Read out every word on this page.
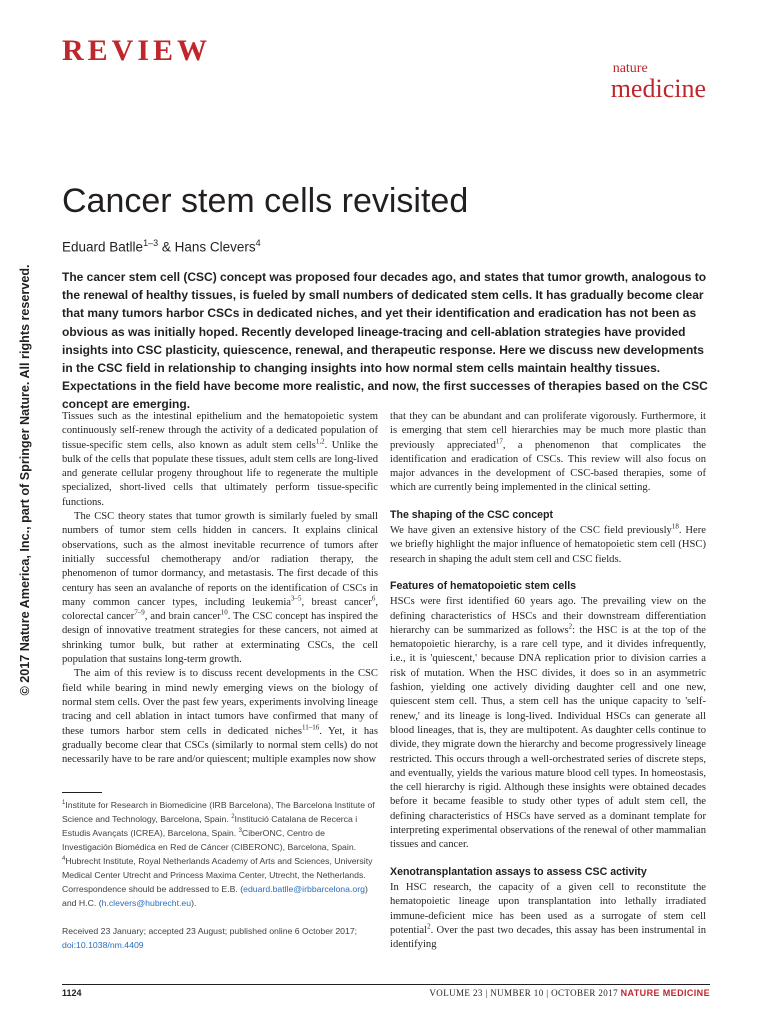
REVIEW
nature
medicine
© 2017 Nature America, Inc., part of Springer Nature. All rights reserved.
Cancer stem cells revisited
Eduard Batlle$^{1-3}$ & Hans Clevers$^4$

The cancer stem cell (CSC) concept was proposed four decades ago, and states that tumor growth, analogous to the renewal of healthy tissues, is fueled by small numbers of dedicated stem cells. It has gradually become clear that many tumors harbor CSCs in dedicated niches, and yet their identification and eradication has not been as obvious as was initially hoped. Recently developed lineage-tracing and cell-ablation strategies have provided insights into CSC plasticity, quiescence, renewal, and therapeutic response. Here we discuss new developments in the CSC field in relationship to changing insights into how normal stem cells maintain healthy tissues. Expectations in the field have become more realistic, and now, the first successes of therapies based on the CSC concept are emerging.

Tissues such as the intestinal epithelium and the hematopoietic system continuously self-renew through the activity of a dedicated population of tissue-specific stem cells, also known as adult stem cells$^{1,2}$. Unlike the bulk of the cells that populate these tissues, adult stem cells are long-lived and generate cellular progeny throughout life to regenerate the multiple specialized, short-lived cells that ultimately perform tissue-specific functions.

The CSC theory states that tumor growth is similarly fueled by small numbers of tumor stem cells hidden in cancers. It explains clinical observations, such as the almost inevitable recurrence of tumors after initially successful chemotherapy and/or radiation therapy, the phenomenon of tumor dormancy, and metastasis. The first decade of this century has seen an avalanche of reports on the identification of CSCs in many common cancer types, including leukemia$^{3-5}$, breast cancer$^6$, colorectal cancer$^{7-9}$, and brain cancer$^{10}$. The CSC concept has inspired the design of innovative treatment strategies for these cancers, not aimed at shrinking tumor bulk, but rather at exterminating CSCs, the cell population that sustains long-term growth.

The aim of this review is to discuss recent developments in the CSC field while bearing in mind newly emerging views on the biology of normal stem cells. Over the past few years, experiments involving lineage tracing and cell ablation in intact tumors have confirmed that many of these tumors harbor stem cells in dedicated niches$^{11-16}$. Yet, it has gradually become clear that CSCs (similarly to normal stem cells) do not necessarily have to be rare and/or quiescent; multiple examples now show

that they can be abundant and can proliferate vigorously. Furthermore, it is emerging that stem cell hierarchies may be much more plastic than previously appreciated$^{17}$, a phenomenon that complicates the identification and eradication of CSCs. This review will also focus on major advances in the development of CSC-based therapies, some of which are currently being implemented in the clinical setting.

The shaping of the CSC concept

We have given an extensive history of the CSC field previously$^{18}$. Here we briefly highlight the major influence of hematopoietic stem cell (HSC) research in shaping the adult stem cell and CSC fields.

Features of hematopoietic stem cells

HSCs were first identified 60 years ago. The prevailing view on the defining characteristics of HSCs and their downstream differentiation hierarchy can be summarized as follows$^2$: the HSC is at the top of the hematopoietic hierarchy, is a rare cell type, and it divides infrequently, i.e., it is 'quiescent,' because DNA replication prior to division carries a risk of mutation. When the HSC divides, it does so in an asymmetric fashion, yielding one actively dividing daughter cell and one new, quiescent stem cell. Thus, a stem cell has the unique capacity to 'self-renew,' and its lineage is long-lived. Individual HSCs can generate all blood lineages, that is, they are multipotent. As daughter cells continue to divide, they migrate down the hierarchy and become progressively lineage restricted. This occurs through a well-orchestrated series of discrete steps, and eventually, yields the various mature blood cell types. In homeostasis, the cell hierarchy is rigid. Although these insights were obtained decades before it became feasible to study other types of adult stem cell, the defining characteristics of HSCs have served as a dominant template for interpreting experimental observations of the renewal of other mammalian tissues and cancer.

Xenotransplantation assays to assess CSC activity

In HSC research, the capacity of a given cell to reconstitute the hematopoietic lineage upon transplantation into lethally irradiated immune-deficient mice has been used as a surrogate of stem cell potential$^2$. Over the past two decades, this assay has been instrumental in identifying

$^1$Institute for Research in Biomedicine (IRB Barcelona), The Barcelona Institute of Science and Technology, Barcelona, Spain. $^2$Institució Catalana de Recerca i Estudis Avançats (ICREA), Barcelona, Spain. $^3$CiberONC, Centro de Investigación Biomédica en Red de Cáncer (CIBERONC), Barcelona, Spain. $^4$Hubrecht Institute, Royal Netherlands Academy of Arts and Sciences, University Medical Center Utrecht and Princess Maxima Center, Utrecht, the Netherlands. Correspondence should be addressed to E.B. (eduard.batlle@irbbarcelona.org) and H.C. (h.clevers@hubrecht.eu).
Received 23 January; accepted 23 August; published online 6 October 2017;
doi:10.1038/nm.4409
1124	VOLUME 23 | NUMBER 10 | OCTOBER 2017 NATURE MEDICINE
